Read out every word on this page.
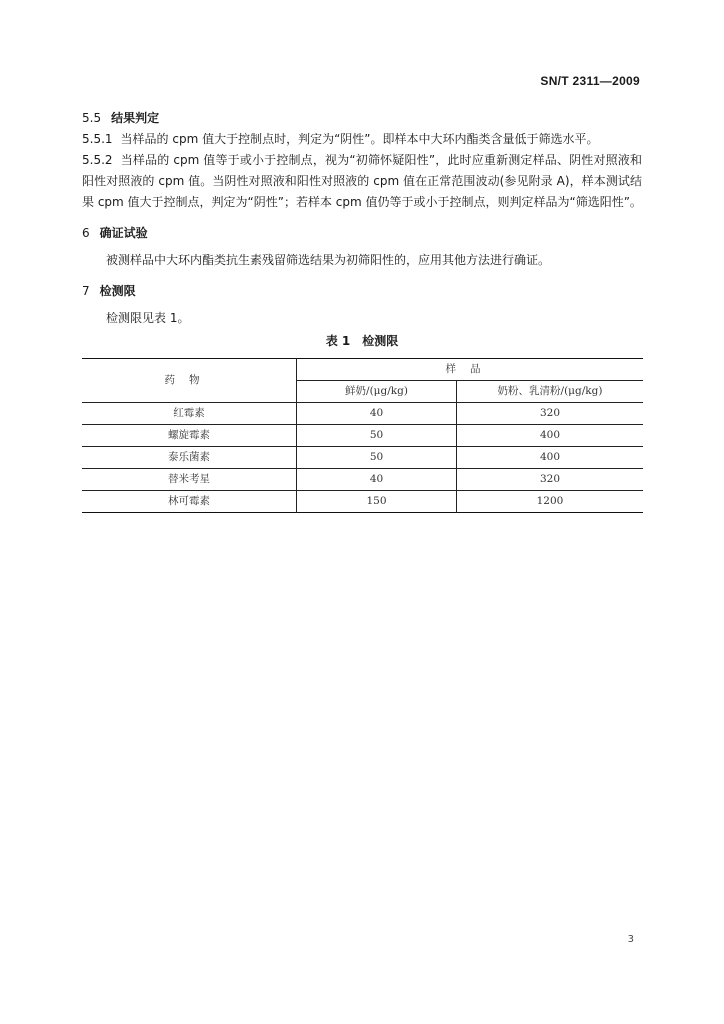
SN/T 2311—2009

5.5 结果判定

5.5.1 当样品的 cpm 值大于控制点时，判定为“阴性”。即样本中大环内酯类含量低于筛选水平。

5.5.2 当样品的 cpm 值等于或小于控制点，视为“初筛怀疑阳性”，此时应重新测定样品、阴性对照液和阳性对照液的 cpm 值。当阴性对照液和阳性对照液的 cpm 值在正常范围波动(参见附录 A)，样本测试结果 cpm 值大于控制点，判定为“阴性”；若样本 cpm 值仍等于或小于控制点，则判定样品为“筛选阳性”。

6 确证试验

被测样品中大环内酯类抗生素残留筛选结果为初筛阳性的，应用其他方法进行确证。

7 检测限

检测限见表 1。

表 1　检测限

药物	样品	
	鲜奶/(μg/kg)	奶粉、乳清粉/(μg/kg)
红霉素	40	320
螺旋霉素	50	400
泰乐菌素	50	400
替米考星	40	320
林可霉素	150	1200
3
